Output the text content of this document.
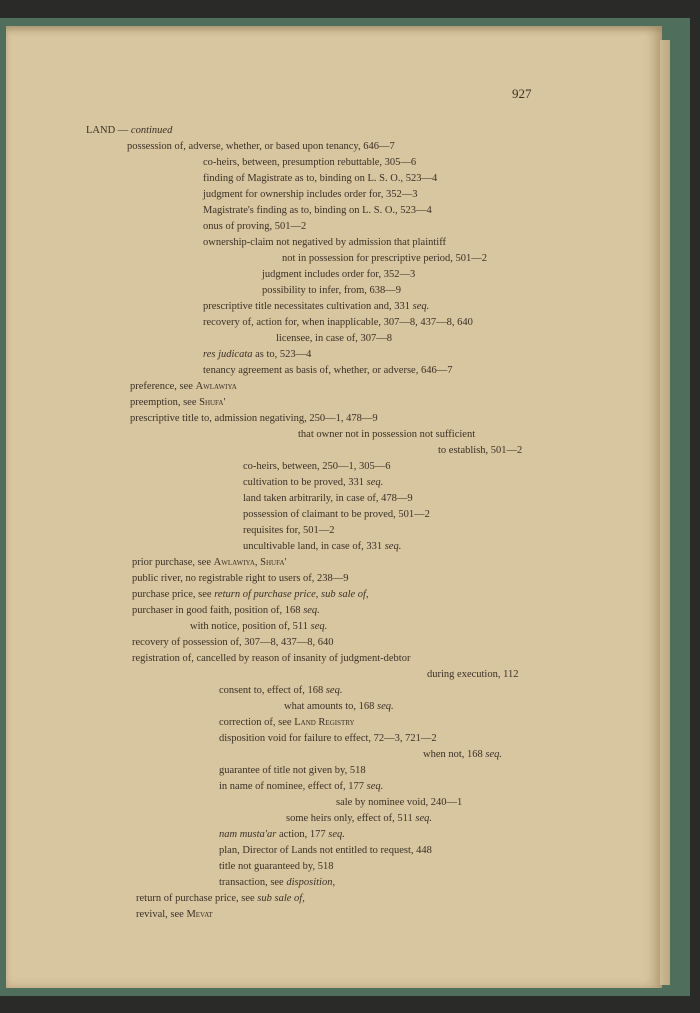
927
LAND — continued
possession of, adverse, whether, or based upon tenancy, 646—7
co-heirs, between, presumption rebuttable, 305—6
finding of Magistrate as to, binding on L. S. O., 523—4
judgment for ownership includes order for, 352—3
Magistrate's finding as to, binding on L. S. O., 523—4
onus of proving, 501—2
ownership-claim not negatived by admission that plaintiff
not in possession for prescriptive period, 501—2
judgment includes order for, 352—3
possibility to infer, from, 638—9
prescriptive title necessitates cultivation and, 331 seq.
recovery of, action for, when inapplicable, 307—8, 437—8, 640
licensee, in case of, 307—8
res judicata as to, 523—4
tenancy agreement as basis of, whether, or adverse, 646—7
preference, see Awlawiya
preemption, see Shufa'
prescriptive title to, admission negativing, 250—1, 478—9
that owner not in possession not sufficient
to establish, 501—2
co-heirs, between, 250—1, 305—6
cultivation to be proved, 331 seq.
land taken arbitrarily, in case of, 478—9
possession of claimant to be proved, 501—2
requisites for, 501—2
uncultivable land, in case of, 331 seq.
prior purchase, see Awlawiya, Shufa'
public river, no registrable right to users of, 238—9
purchase price, see return of purchase price, sub sale of,
purchaser in good faith, position of, 168 seq.
with notice, position of, 511 seq.
recovery of possession of, 307—8, 437—8, 640
registration of, cancelled by reason of insanity of judgment-debtor
during execution, 112
consent to, effect of, 168 seq.
what amounts to, 168 seq.
correction of, see Land Registry
disposition void for failure to effect, 72—3, 721—2
when not, 168 seq.
guarantee of title not given by, 518
in name of nominee, effect of, 177 seq.
sale by nominee void, 240—1
some heirs only, effect of, 511 seq.
nam musta'ar action, 177 seq.
plan, Director of Lands not entitled to request, 448
title not guaranteed by, 518
transaction, see disposition,
return of purchase price, see sub sale of,
revival, see Mevat
